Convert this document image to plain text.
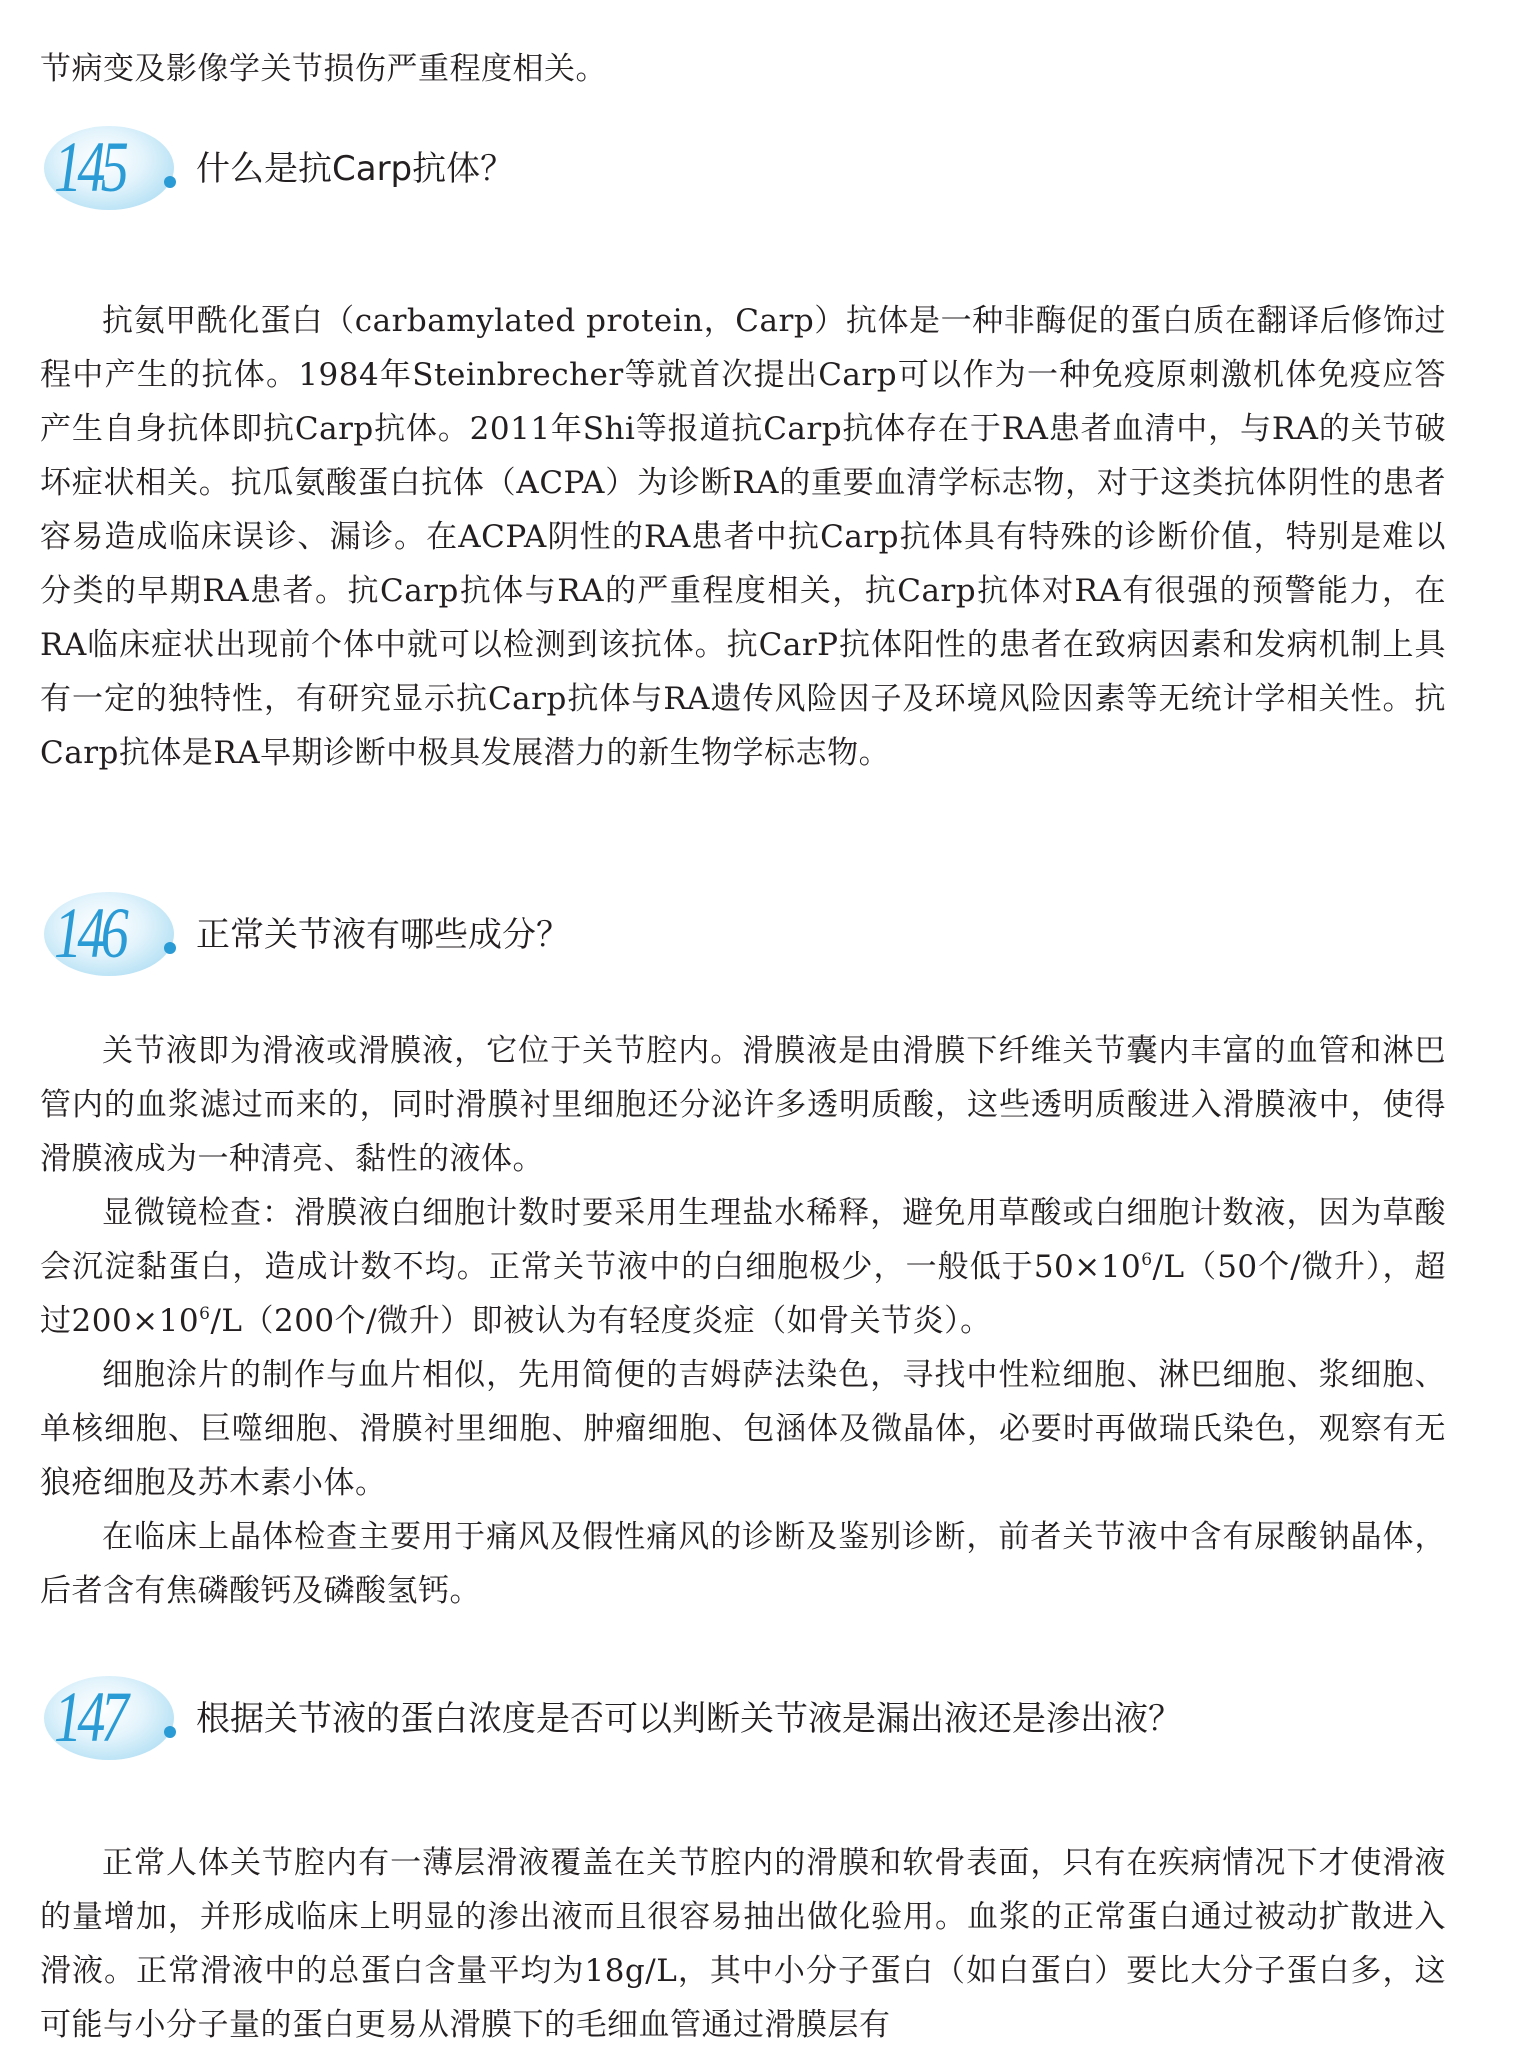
节病变及影像学关节损伤严重程度相关。

145 什么是抗Carp抗体？

抗氨甲酰化蛋白（carbamylated protein，Carp）抗体是一种非酶促的蛋白质在翻译后修饰过程中产生的抗体。1984年Steinbrecher等就首次提出Carp可以作为一种免疫原刺激机体免疫应答产生自身抗体即抗Carp抗体。2011年Shi等报道抗Carp抗体存在于RA患者血清中，与RA的关节破坏症状相关。抗瓜氨酸蛋白抗体（ACPA）为诊断RA的重要血清学标志物，对于这类抗体阴性的患者容易造成临床误诊、漏诊。在ACPA阴性的RA患者中抗Carp抗体具有特殊的诊断价值，特别是难以分类的早期RA患者。抗Carp抗体与RA的严重程度相关，抗Carp抗体对RA有很强的预警能力，在RA临床症状出现前个体中就可以检测到该抗体。抗CarP抗体阳性的患者在致病因素和发病机制上具有一定的独特性，有研究显示抗Carp抗体与RA遗传风险因子及环境风险因素等无统计学相关性。抗Carp抗体是RA早期诊断中极具发展潜力的新生物学标志物。

146 正常关节液有哪些成分？

关节液即为滑液或滑膜液，它位于关节腔内。滑膜液是由滑膜下纤维关节囊内丰富的血管和淋巴管内的血浆滤过而来的，同时滑膜衬里细胞还分泌许多透明质酸，这些透明质酸进入滑膜液中，使得滑膜液成为一种清亮、黏性的液体。

显微镜检查：滑膜液白细胞计数时要采用生理盐水稀释，避免用草酸或白细胞计数液，因为草酸会沉淀黏蛋白，造成计数不均。正常关节液中的白细胞极少，一般低于$50\times 10^6/L(50$个/微升），超过$200\times 10^6/L(200$个/微升）即被认为有轻度炎症（如骨关节炎）。

细胞涂片的制作与血片相似，先用简便的吉姆萨法染色，寻找中性粒细胞、淋巴细胞、浆细胞、单核细胞、巨噬细胞、滑膜衬里细胞、肿瘤细胞、包涵体及微晶体，必要时再做瑞氏染色，观察有无狼疮细胞及苏木素小体。

在临床上晶体检查主要用于痛风及假性痛风的诊断及鉴别诊断，前者关节液中含有尿酸钠晶体，后者含有焦磷酸钙及磷酸氢钙。

147 根据关节液的蛋白浓度是否可以判断关节液是漏出液还是渗出液？

正常人体关节腔内有一薄层滑液覆盖在关节腔内的滑膜和软骨表面，只有在疾病情况下才使滑液的量增加，并形成临床上明显的渗出液而且很容易抽出做化验用。血浆的正常蛋白通过被动扩散进入滑液。正常滑液中的总蛋白含量平均为18g/L，其中小分子蛋白（如白蛋白）要比大分子蛋白多，这可能与小分子量的蛋白更易从滑膜下的毛细血管通过滑膜层有
